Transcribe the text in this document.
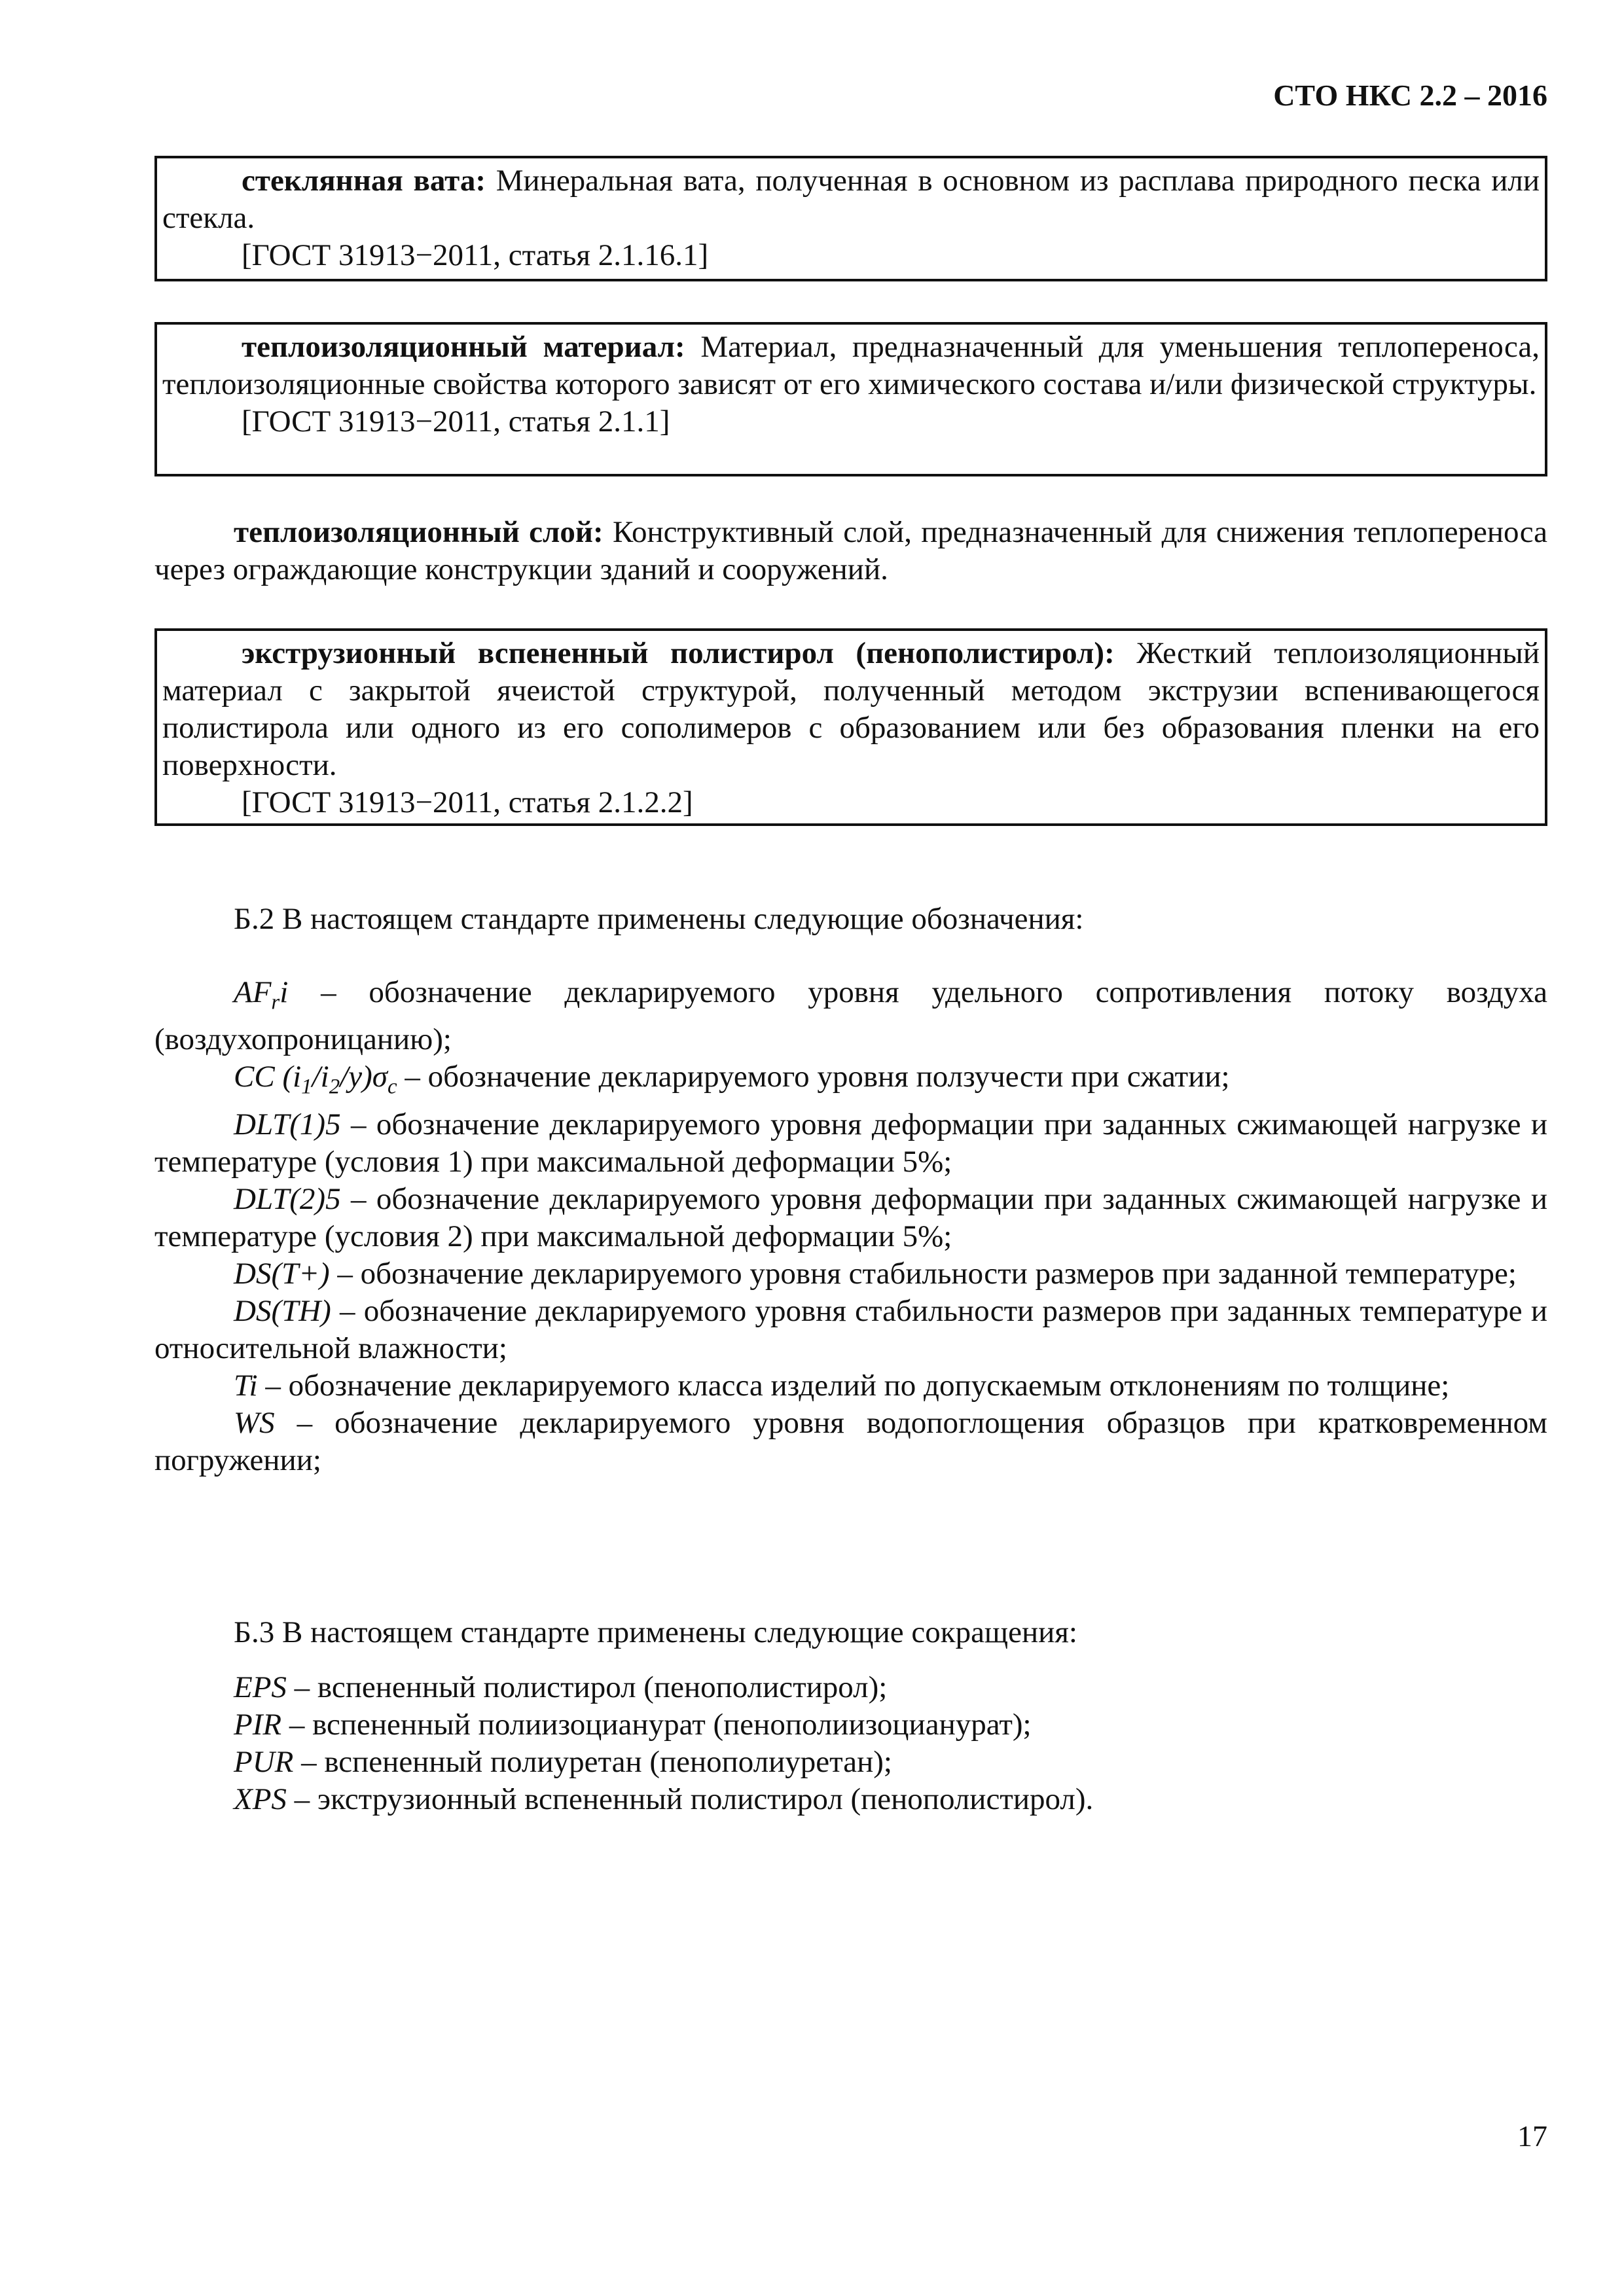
СТО НКС 2.2 – 2016

стеклянная вата: Минеральная вата, полученная в основном из расплава природного песка или стекла.

[ГОСТ 31913−2011, статья 2.1.16.1]

теплоизоляционный материал: Материал, предназначенный для уменьшения теплопереноса, теплоизоляционные свойства которого зависят от его химического состава и/или физической структуры.

[ГОСТ 31913−2011, статья 2.1.1]

теплоизоляционный слой: Конструктивный слой, предназначенный для снижения теплопереноса через ограждающие конструкции зданий и сооружений.

экструзионный вспененный полистирол (пенополистирол): Жесткий теплоизоляционный материал с закрытой ячеистой структурой, полученный методом экструзии вспенивающегося полистирола или одного из его сополимеров с образованием или без образования пленки на его поверхности.

[ГОСТ 31913−2011, статья 2.1.2.2]

Б.2 В настоящем стандарте применены следующие обозначения:

$AF_ri$ – обозначение декларируемого уровня удельного сопротивления потоку воздуха (воздухопроницанию);

CC $(i_1/i_2/y)\sigma_c$ – обозначение декларируемого уровня ползучести при сжатии;

DLT(1)5 – обозначение декларируемого уровня деформации при заданных сжимающей нагрузке и температуре (условия 1) при максимальной деформации 5%;

DLT(2)5 – обозначение декларируемого уровня деформации при заданных сжимающей нагрузке и температуре (условия 2) при максимальной деформации 5%;

DS(T+) – обозначение декларируемого уровня стабильности размеров при заданной температуре;

DS(TH) – обозначение декларируемого уровня стабильности размеров при заданных температуре и относительной влажности;

Ti – обозначение декларируемого класса изделий по допускаемым отклонениям по толщине;

WS – обозначение декларируемого уровня водопоглощения образцов при кратковременном погружении;

Б.3 В настоящем стандарте применены следующие сокращения:

EPS – вспененный полистирол (пенополистирол);

PIR – вспененный полиизоцианурат (пенополиизоцианурат);

PUR – вспененный полиуретан (пенополиуретан);

XPS – экструзионный вспененный полистирол (пенополистирол).

17
